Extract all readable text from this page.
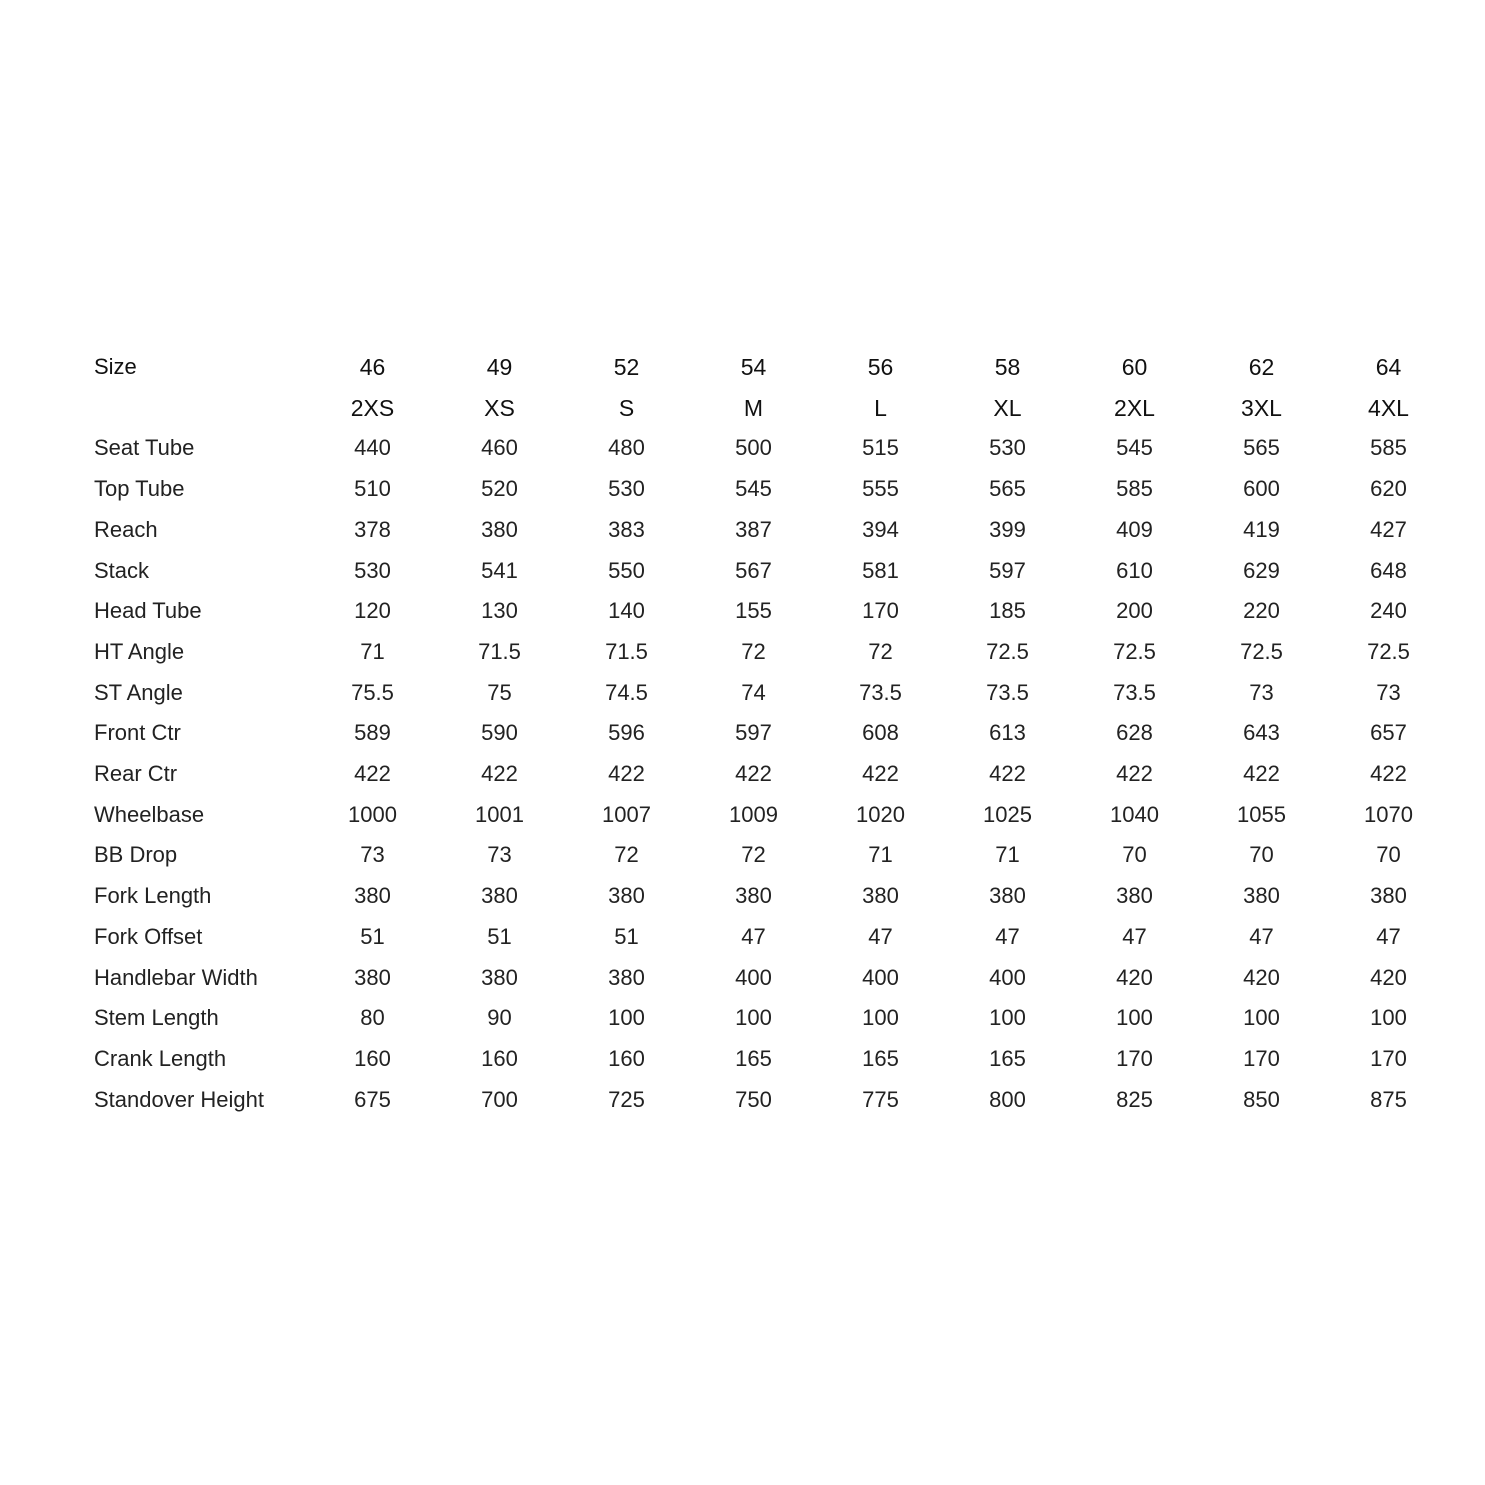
Size	46	49	52	54	56	58	60	62	64
	2XS	XS	S	M	L	XL	2XL	3XL	4XL
Seat Tube	440	460	480	500	515	530	545	565	585
Top Tube	510	520	530	545	555	565	585	600	620
Reach	378	380	383	387	394	399	409	419	427
Stack	530	541	550	567	581	597	610	629	648
Head Tube	120	130	140	155	170	185	200	220	240
HT Angle	71	71.5	71.5	72	72	72.5	72.5	72.5	72.5
ST Angle	75.5	75	74.5	74	73.5	73.5	73.5	73	73
Front Ctr	589	590	596	597	608	613	628	643	657
Rear Ctr	422	422	422	422	422	422	422	422	422
Wheelbase	1000	1001	1007	1009	1020	1025	1040	1055	1070
BB Drop	73	73	72	72	71	71	70	70	70
Fork Length	380	380	380	380	380	380	380	380	380
Fork Offset	51	51	51	47	47	47	47	47	47
Handlebar Width	380	380	380	400	400	400	420	420	420
Stem Length	80	90	100	100	100	100	100	100	100
Crank Length	160	160	160	165	165	165	170	170	170
Standover Height	675	700	725	750	775	800	825	850	875
